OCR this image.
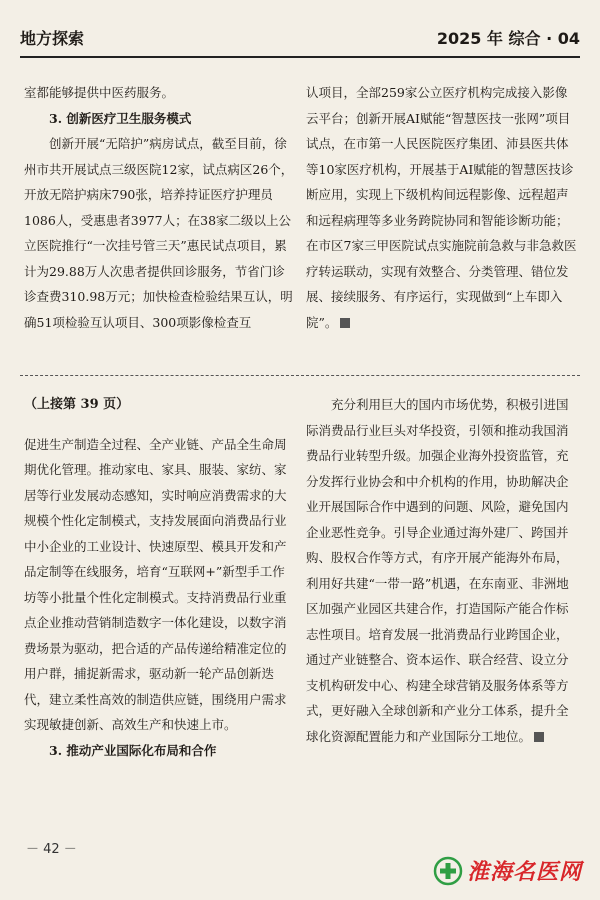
地方探索	2025 年 综合 · 04

室都能够提供中医药服务。

3. 创新医疗卫生服务模式

创新开展“无陪护”病房试点，截至目前，徐州市共开展试点三级医院12家，试点病区26个，开放无陪护病床790张，培养持证医疗护理员1086人，受惠患者3977人；在38家二级以上公立医院推行“一次挂号管三天”惠民试点项目，累计为29.88万人次患者提供回诊服务，节省门诊诊查费310.98万元；加快检查检验结果互认，明确51项检验互认项目、300项影像检查互

认项目，全部259家公立医疗机构完成接入影像云平台；创新开展AI赋能“智慧医技一张网”项目试点，在市第一人民医院医疗集团、沛县医共体等10家医疗机构，开展基于AI赋能的智慧医技诊断应用，实现上下级机构间远程影像、远程超声和远程病理等多业务跨院协同和智能诊断功能；在市区7家三甲医院试点实施院前急救与非急救医疗转运联动，实现有效整合、分类管理、错位发展、接续服务、有序运行，实现做到“上车即入院”。

（上接第 39 页）

促进生产制造全过程、全产业链、产品全生命周期优化管理。推动家电、家具、服装、家纺、家居等行业发展动态感知，实时响应消费需求的大规模个性化定制模式，支持发展面向消费品行业中小企业的工业设计、快速原型、模具开发和产品定制等在线服务，培育“互联网+”新型手工作坊等小批量个性化定制模式。支持消费品行业重点企业推动营销制造数字一体化建设，以数字消费场景为驱动，把合适的产品传递给精准定位的用户群，捕捉新需求，驱动新一轮产品创新迭代，建立柔性高效的制造供应链，围绕用户需求实现敏捷创新、高效生产和快速上市。

3. 推动产业国际化布局和合作

充分利用巨大的国内市场优势，积极引进国际消费品行业巨头对华投资，引领和推动我国消费品行业转型升级。加强企业海外投资监管，充分发挥行业协会和中介机构的作用，协助解决企业开展国际合作中遇到的问题、风险，避免国内企业恶性竞争。引导企业通过海外建厂、跨国并购、股权合作等方式，有序开展产能海外布局，利用好共建“一带一路”机遇，在东南亚、非洲地区加强产业园区共建合作，打造国际产能合作标志性项目。培育发展一批消费品行业跨国企业，通过产业链整合、资本运作、联合经营、设立分支机构研发中心、构建全球营销及服务体系等方式，更好融入全球创新和产业分工体系，提升全球化资源配置能力和产业国际分工地位。

－ 42 －
淮海名医网
